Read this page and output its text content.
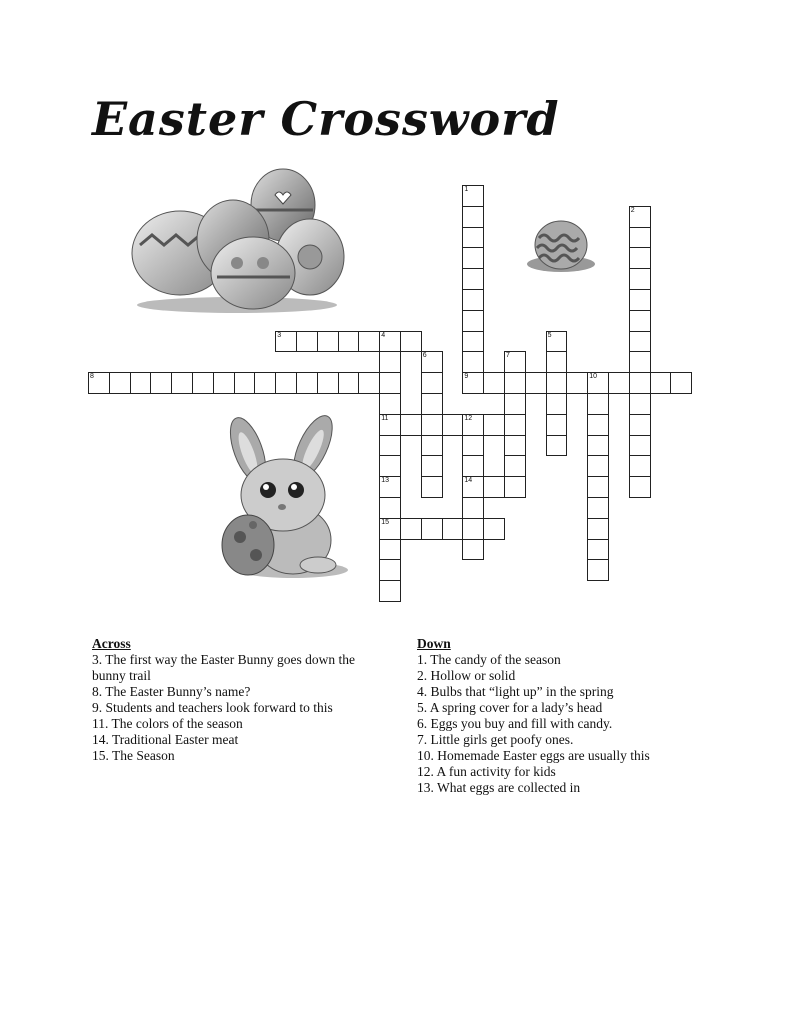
Easter Crossword
1
9
2
3	4
11
5
6	7
8	10
12
14
13
15
Across
3. The first way the Easter Bunny goes down the bunny trail
8. The Easter Bunny’s name?
9. Students and teachers look forward to this
11. The colors of the season
14. Traditional Easter meat
15. The Season
Down
1. The candy of the season
2. Hollow or solid
4. Bulbs that “light up” in the spring
5. A spring cover for a lady’s head
6. Eggs you buy and fill with candy.
7. Little girls get poofy ones.
10. Homemade Easter eggs are usually this
12. A fun activity for kids
13. What eggs are collected in
